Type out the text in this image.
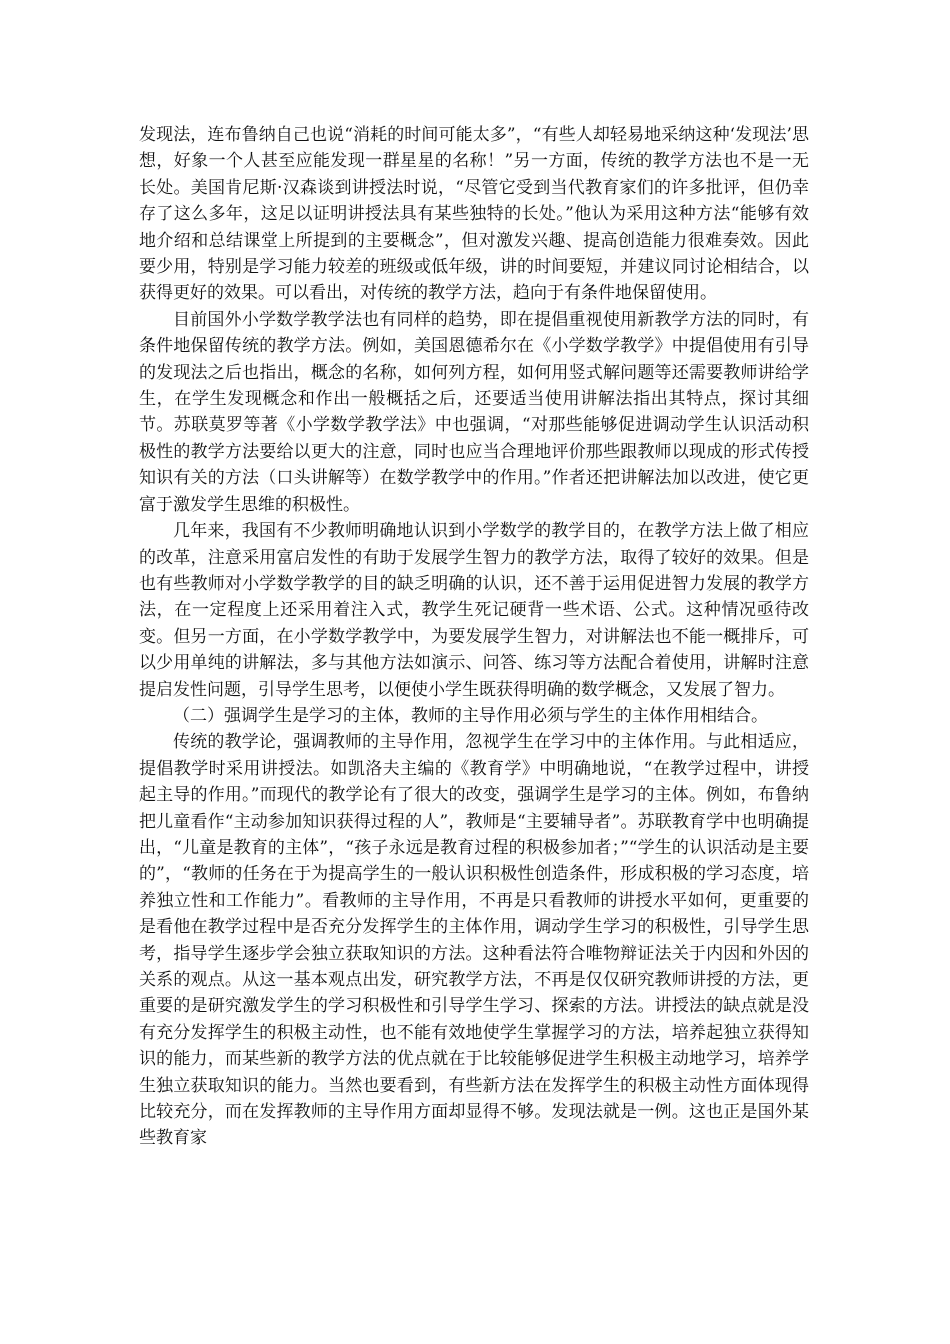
发现法，连布鲁纳自己也说“消耗的时间可能太多”，“有些人却轻易地采纳这种‘发现法’思想，好象一个人甚至应能发现一群星星的名称！”另一方面，传统的教学方法也不是一无长处。美国肯尼斯·汉森谈到讲授法时说，“尽管它受到当代教育家们的许多批评，但仍幸存了这么多年，这足以证明讲授法具有某些独特的长处。”他认为采用这种方法“能够有效地介绍和总结课堂上所提到的主要概念”，但对激发兴趣、提高创造能力很难奏效。因此要少用，特别是学习能力较差的班级或低年级，讲的时间要短，并建议同讨论相结合，以获得更好的效果。可以看出，对传统的教学方法，趋向于有条件地保留使用。

目前国外小学数学教学法也有同样的趋势，即在提倡重视使用新教学方法的同时，有条件地保留传统的教学方法。例如，美国恩德希尔在《小学数学教学》中提倡使用有引导的发现法之后也指出，概念的名称，如何列方程，如何用竖式解问题等还需要教师讲给学生，在学生发现概念和作出一般概括之后，还要适当使用讲解法指出其特点，探讨其细节。苏联莫罗等著《小学数学教学法》中也强调，“对那些能够促进调动学生认识活动积极性的教学方法要给以更大的注意，同时也应当合理地评价那些跟教师以现成的形式传授知识有关的方法（口头讲解等）在数学教学中的作用。”作者还把讲解法加以改进，使它更富于激发学生思维的积极性。

几年来，我国有不少教师明确地认识到小学数学的教学目的，在教学方法上做了相应的改革，注意采用富启发性的有助于发展学生智力的教学方法，取得了较好的效果。但是也有些教师对小学数学教学的目的缺乏明确的认识，还不善于运用促进智力发展的教学方法，在一定程度上还采用着注入式，教学生死记硬背一些术语、公式。这种情况亟待改变。但另一方面，在小学数学教学中，为要发展学生智力，对讲解法也不能一概排斥，可以少用单纯的讲解法，多与其他方法如演示、问答、练习等方法配合着使用，讲解时注意提启发性问题，引导学生思考，以便使小学生既获得明确的数学概念，又发展了智力。

（二）强调学生是学习的主体，教师的主导作用必须与学生的主体作用相结合。

传统的教学论，强调教师的主导作用，忽视学生在学习中的主体作用。与此相适应，提倡教学时采用讲授法。如凯洛夫主编的《教育学》中明确地说，“在教学过程中，讲授起主导的作用。”而现代的教学论有了很大的改变，强调学生是学习的主体。例如，布鲁纳把儿童看作“主动参加知识获得过程的人”，教师是“主要辅导者”。苏联教育学中也明确提出，“儿童是教育的主体”，“孩子永远是教育过程的积极参加者；”“学生的认识活动是主要的”，“教师的任务在于为提高学生的一般认识积极性创造条件，形成积极的学习态度，培养独立性和工作能力”。看教师的主导作用，不再是只看教师的讲授水平如何，更重要的是看他在教学过程中是否充分发挥学生的主体作用，调动学生学习的积极性，引导学生思考，指导学生逐步学会独立获取知识的方法。这种看法符合唯物辩证法关于内因和外因的关系的观点。从这一基本观点出发，研究教学方法，不再是仅仅研究教师讲授的方法，更重要的是研究激发学生的学习积极性和引导学生学习、探索的方法。讲授法的缺点就是没有充分发挥学生的积极主动性，也不能有效地使学生掌握学习的方法，培养起独立获得知识的能力，而某些新的教学方法的优点就在于比较能够促进学生积极主动地学习，培养学生独立获取知识的能力。当然也要看到，有些新方法在发挥学生的积极主动性方面体现得比较充分，而在发挥教师的主导作用方面却显得不够。发现法就是一例。这也正是国外某些教育家
